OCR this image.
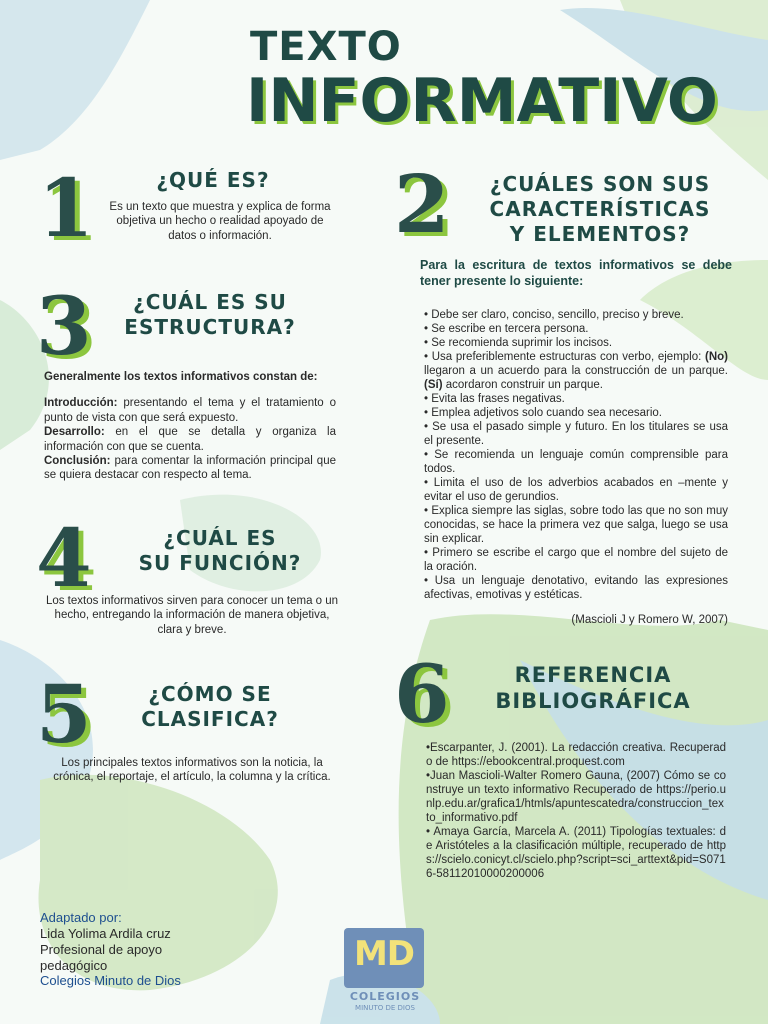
TEXTO
INFORMATIVO
1	¿QUÉ ES?
Es un texto que muestra y explica de forma objetiva un hecho o realidad apoyado de datos o información.
3	¿CUÁL ES SU
ESTRUCTURA?
Generalmente los textos informativos constan de:
Introducción: presentando el tema y el tratamiento o punto de vista con que será expuesto.
Desarrollo: en el que se detalla y organiza la información con que se cuenta.
Conclusión: para comentar la información principal que se quiera destacar con respecto al tema.
4	¿CUÁL ES
SU FUNCIÓN?
Los textos informativos sirven para conocer un tema o un hecho, entregando la información de manera objetiva, clara y breve.
5	¿CÓMO SE
CLASIFICA?
Los principales textos informativos son la noticia, la crónica, el reportaje, el artículo, la columna y la crítica.
2	¿CUÁLES SON SUS
CARACTERÍSTICAS
Y ELEMENTOS?
Para la escritura de textos informativos se debe tener presente lo siguiente:
• Debe ser claro, conciso, sencillo, preciso y breve.
• Se escribe en tercera persona.
• Se recomienda suprimir los incisos.
• Usa preferiblemente estructuras con verbo, ejemplo: (No) llegaron a un acuerdo para la construcción de un parque. (Sí) acordaron construir un parque.
• Evita las frases negativas.
• Emplea adjetivos solo cuando sea necesario.
• Se usa el pasado simple y futuro. En los titulares se usa el presente.
• Se recomienda un lenguaje común comprensible para todos.
• Limita el uso de los adverbios acabados en –mente y evitar el uso de gerundios.
• Explica siempre las siglas, sobre todo las que no son muy conocidas, se hace la primera vez que salga, luego se usa sin explicar.
• Primero se escribe el cargo que el nombre del sujeto de la oración.
• Usa un lenguaje denotativo, evitando las expresiones afectivas, emotivas y estéticas.
(Mascioli J y Romero W, 2007)
6	REFERENCIA
BIBLIOGRÁFICA
•Escarpanter, J. (2001). La redacción creativa. Recuperado de https://ebookcentral.proquest.com
•Juan Mascioli-Walter Romero Gauna, (2007) Cómo se construye un texto informativo Recuperado de https://perio.unlp.edu.ar/grafica1/htmls/apuntescatedra/construccion_texto_informativo.pdf
• Amaya García, Marcela A. (2011) Tipologías textuales: de Aristóteles a la clasificación múltiple, recuperado de https://scielo.conicyt.cl/scielo.php?script=sci_arttext&pid=S0716-58112010000200006
Adaptado por:
Lida Yolima Ardila cruz
Profesional de apoyo
pedagógico
Colegios Minuto de Dios
MD
COLEGIOS
MINUTO DE DIOS
